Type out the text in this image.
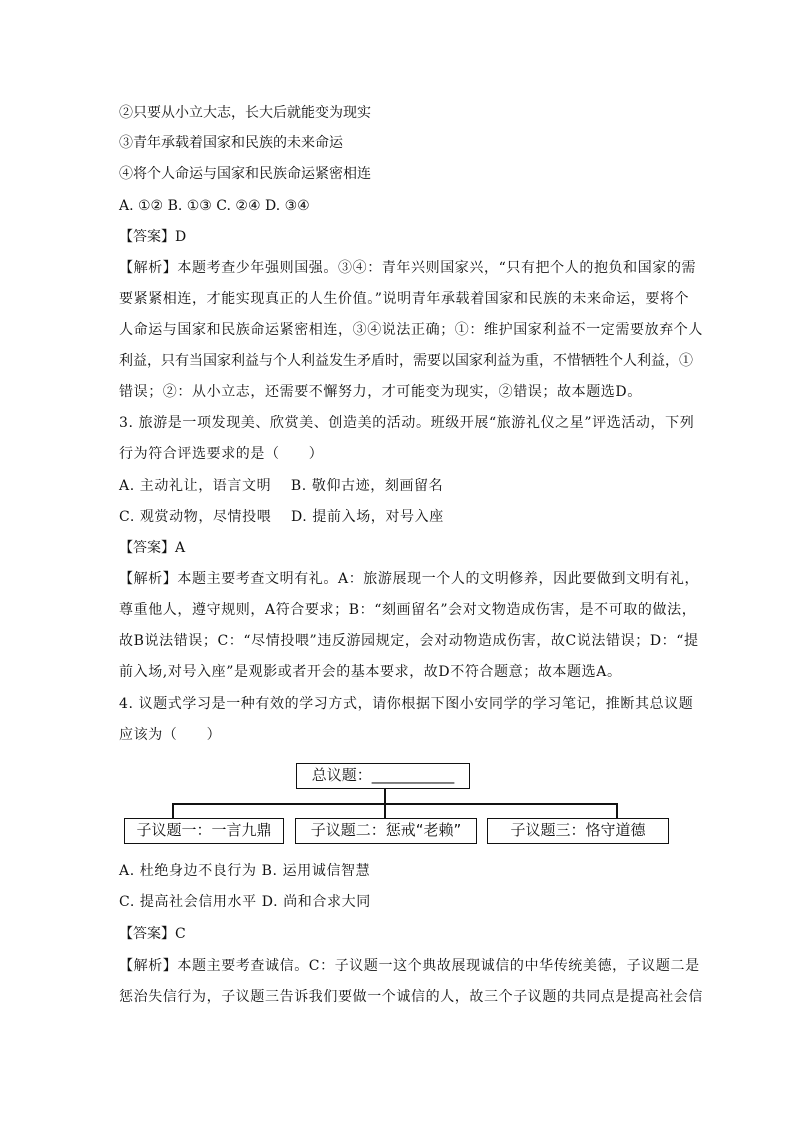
②只要从小立大志，长大后就能变为现实
③青年承载着国家和民族的未来命运
④将个人命运与国家和民族命运紧密相连
A. ①② B. ①③ C. ②④ D. ③④
【答案】D
【解析】本题考查少年强则国强。③④：青年兴则国家兴，“只有把个人的抱负和国家的需
要紧紧相连，才能实现真正的人生价值。”说明青年承载着国家和民族的未来命运，要将个
人命运与国家和民族命运紧密相连，③④说法正确；①：维护国家利益不一定需要放弃个人
利益，只有当国家利益与个人利益发生矛盾时，需要以国家利益为重，不惜牺牲个人利益，①
错误；②：从小立志，还需要不懈努力，才可能变为现实，②错误；故本题选D。
3. 旅游是一项发现美、欣赏美、创造美的活动。班级开展“旅游礼仪之星”评选活动，下列
行为符合评选要求的是（　　）
A. 主动礼让，语言文明　 B. 敬仰古迹，刻画留名
C. 观赏动物，尽情投喂　 D. 提前入场，对号入座
【答案】A
【解析】本题主要考查文明有礼。A：旅游展现一个人的文明修养，因此要做到文明有礼，
尊重他人，遵守规则，A符合要求；B：“刻画留名”会对文物造成伤害，是不可取的做法，
故B说法错误；C：“尽情投喂”违反游园规定，会对动物造成伤害，故C说法错误；D：“提
前入场,对号入座”是观影或者开会的基本要求，故D不符合题意；故本题选A。
4. 议题式学习是一种有效的学习方式，请你根据下图小安同学的学习笔记，推断其总议题
应该为（　　）
总议题：___________
子议题一：一言九鼎	子议题二：惩戒“老赖”	子议题三：恪守道德
A. 杜绝身边不良行为 B. 运用诚信智慧
C. 提高社会信用水平 D. 尚和合求大同
【答案】C
【解析】本题主要考查诚信。C：子议题一这个典故展现诚信的中华传统美德，子议题二是
惩治失信行为，子议题三告诉我们要做一个诚信的人，故三个子议题的共同点是提高社会信
